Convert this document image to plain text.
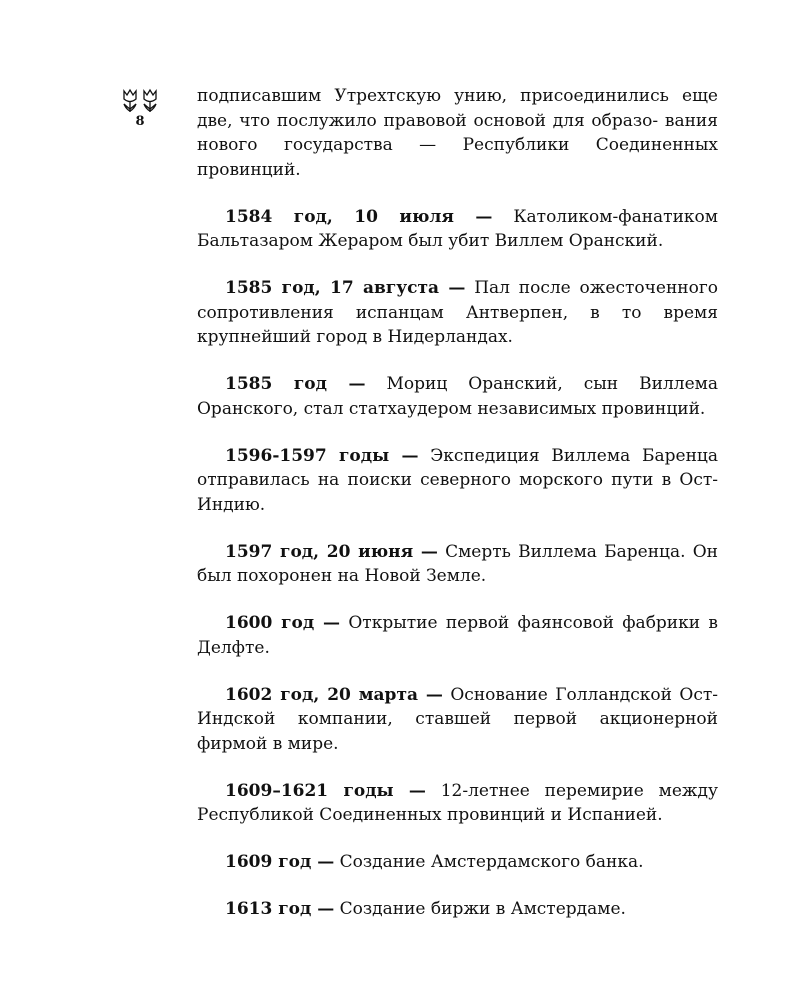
8

подписавшим Утрехтскую унию, присоединились еще две, что послужило правовой основой для образо- вания нового государства — Республики Соединенных провинций.

1584 год, 10 июля — Католиком-фанатиком Бальтазаром Жераром был убит Виллем Оранский.

1585 год, 17 августа — Пал после ожесточенного сопротивления испанцам Антверпен, в то время крупнейший город в Нидерландах.

1585 год — Мориц Оранский, сын Виллема Оранского, стал статхаудером независимых провинций.

1596-1597 годы — Экспедиция Виллема Баренца отправилась на поиски северного морского пути в Ост-Индию.

1597 год, 20 июня — Смерть Виллема Баренца. Он был похоронен на Новой Земле.

1600 год — Открытие первой фаянсовой фабрики в Делфте.

1602 год, 20 марта — Основание Голландской Ост-Индской компании, ставшей первой акционерной фирмой в мире.

1609–1621 годы — 12-летнее перемирие между Республикой Соединенных провинций и Испанией.

1609 год — Создание Амстердамского банка.

1613 год — Создание биржи в Амстердаме.
